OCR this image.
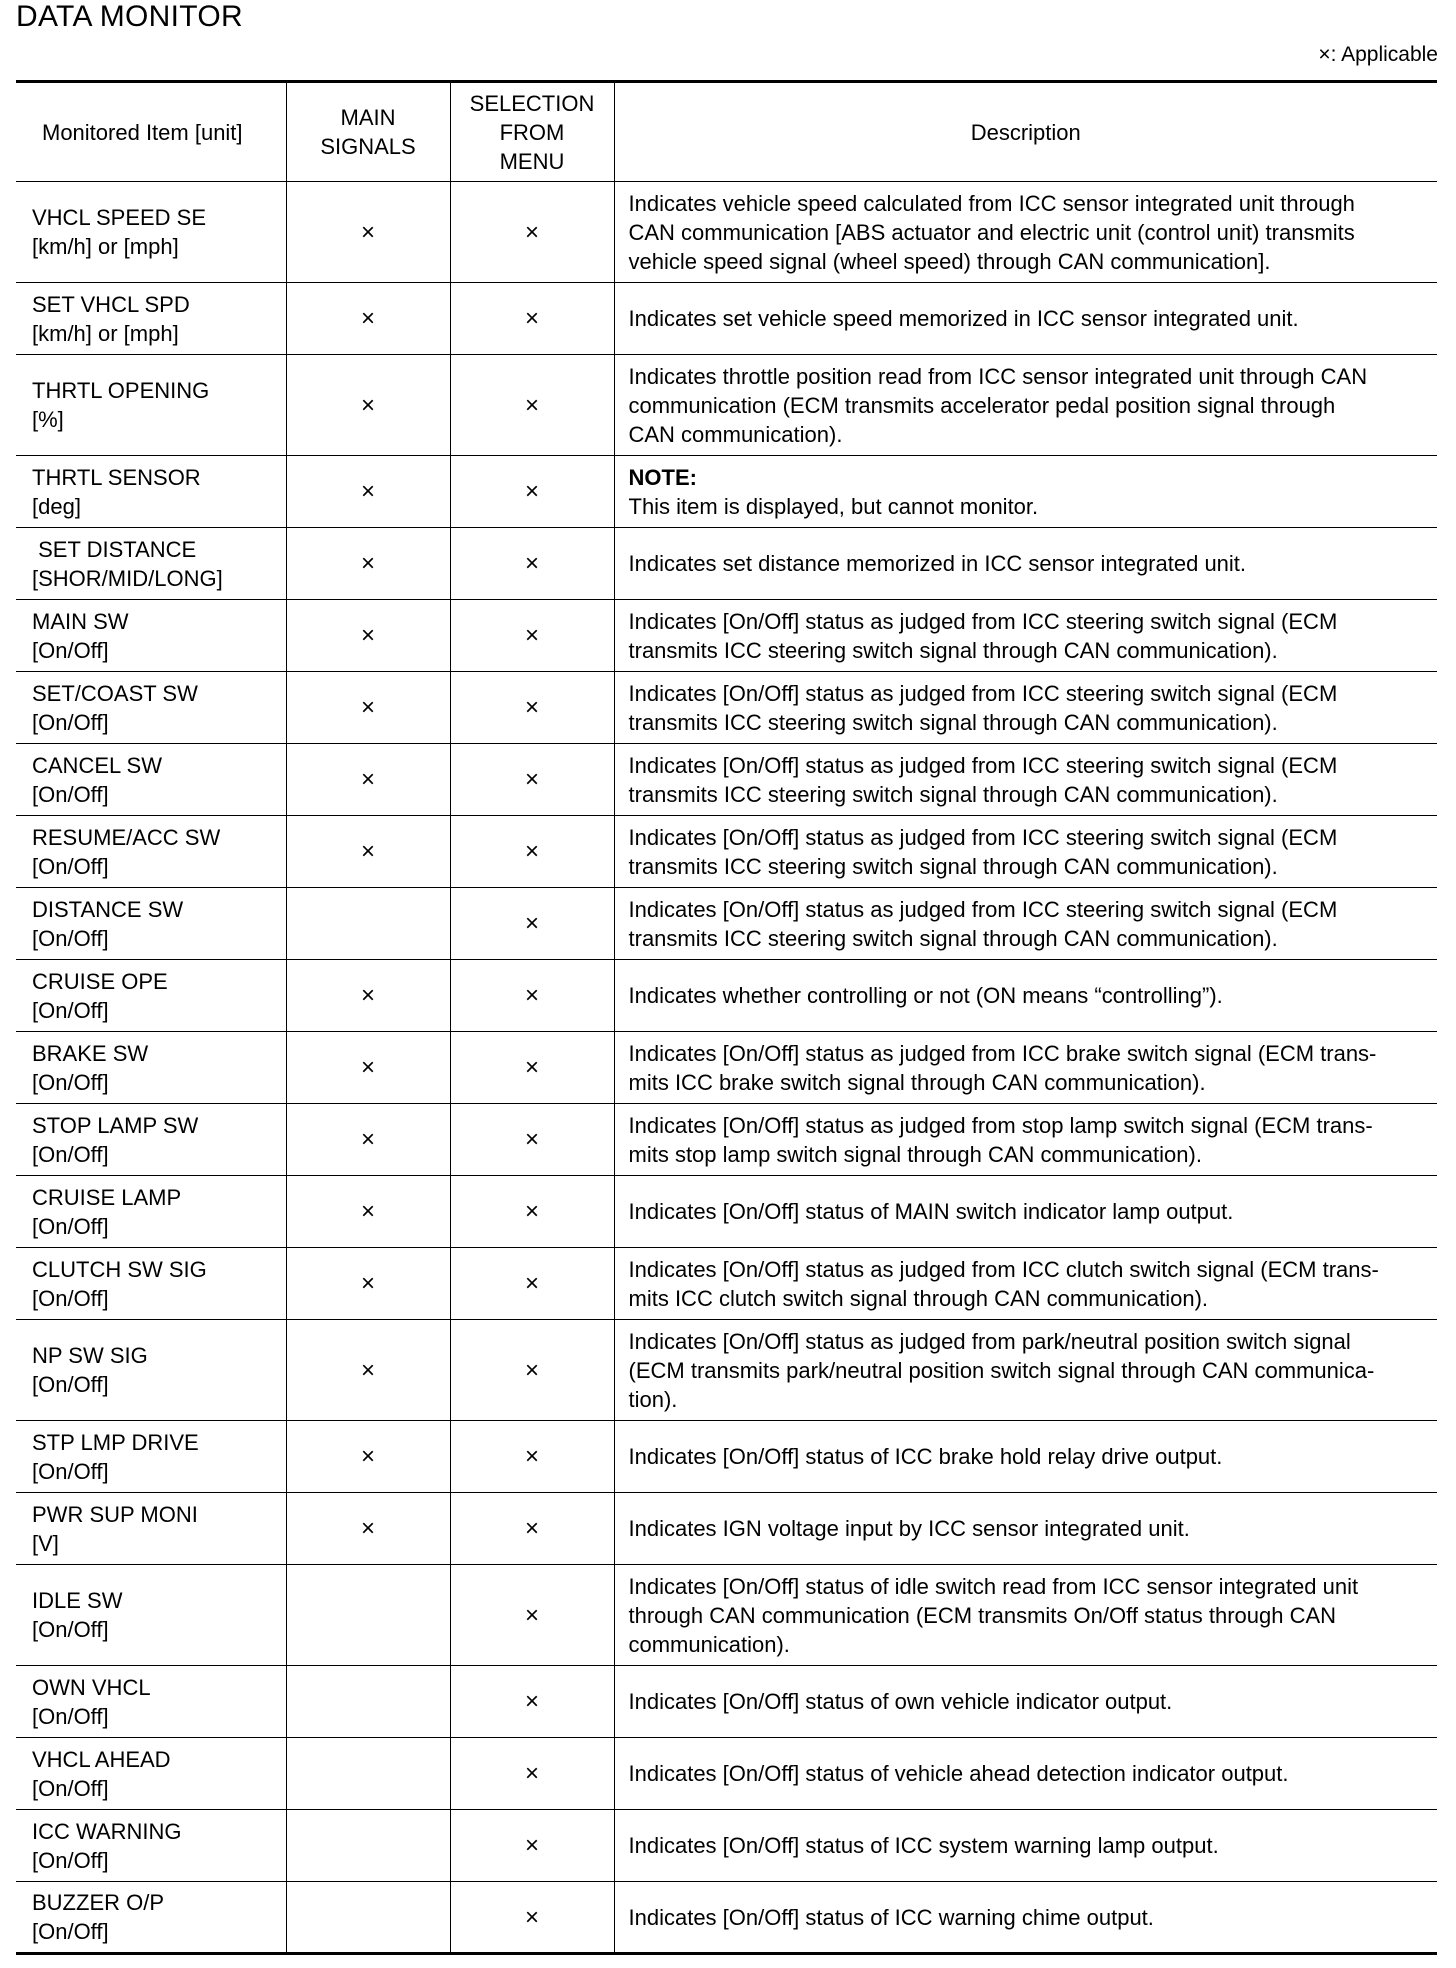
DATA MONITOR
×: Applicable
Monitored Item [unit]	MAIN
SIGNALS	SELECTION
FROM
MENU	Description

VHCL SPEED SE
[km/h] or [mph]	×	×	Indicates vehicle speed calculated from ICC sensor integrated unit through
CAN communication [ABS actuator and electric unit (control unit) transmits
vehicle speed signal (wheel speed) through CAN communication].

SET VHCL SPD
[km/h] or [mph]	×	×	Indicates set vehicle speed memorized in ICC sensor integrated unit.

THRTL OPENING
[%]	×	×	Indicates throttle position read from ICC sensor integrated unit through CAN
communication (ECM transmits accelerator pedal position signal through
CAN communication).

THRTL SENSOR
[deg]	×	×	NOTE:
This item is displayed, but cannot monitor.

SET DISTANCE
[SHOR/MID/LONG]	×	×	Indicates set distance memorized in ICC sensor integrated unit.

MAIN SW
[On/Off]	×	×	Indicates [On/Off] status as judged from ICC steering switch signal (ECM
transmits ICC steering switch signal through CAN communication).

SET/COAST SW
[On/Off]	×	×	Indicates [On/Off] status as judged from ICC steering switch signal (ECM
transmits ICC steering switch signal through CAN communication).

CANCEL SW
[On/Off]	×	×	Indicates [On/Off] status as judged from ICC steering switch signal (ECM
transmits ICC steering switch signal through CAN communication).

RESUME/ACC SW
[On/Off]	×	×	Indicates [On/Off] status as judged from ICC steering switch signal (ECM
transmits ICC steering switch signal through CAN communication).

DISTANCE SW
[On/Off]		×	Indicates [On/Off] status as judged from ICC steering switch signal (ECM
transmits ICC steering switch signal through CAN communication).

CRUISE OPE
[On/Off]	×	×	Indicates whether controlling or not (ON means “controlling”).

BRAKE SW
[On/Off]	×	×	Indicates [On/Off] status as judged from ICC brake switch signal (ECM trans-
mits ICC brake switch signal through CAN communication).

STOP LAMP SW
[On/Off]	×	×	Indicates [On/Off] status as judged from stop lamp switch signal (ECM trans-
mits stop lamp switch signal through CAN communication).

CRUISE LAMP
[On/Off]	×	×	Indicates [On/Off] status of MAIN switch indicator lamp output.

CLUTCH SW SIG
[On/Off]	×	×	Indicates [On/Off] status as judged from ICC clutch switch signal (ECM trans-
mits ICC clutch switch signal through CAN communication).

NP SW SIG
[On/Off]	×	×	Indicates [On/Off] status as judged from park/neutral position switch signal
(ECM transmits park/neutral position switch signal through CAN communica-
tion).

STP LMP DRIVE
[On/Off]	×	×	Indicates [On/Off] status of ICC brake hold relay drive output.

PWR SUP MONI
[V]	×	×	Indicates IGN voltage input by ICC sensor integrated unit.

IDLE SW
[On/Off]		×	Indicates [On/Off] status of idle switch read from ICC sensor integrated unit
through CAN communication (ECM transmits On/Off status through CAN
communication).

OWN VHCL
[On/Off]		×	Indicates [On/Off] status of own vehicle indicator output.

VHCL AHEAD
[On/Off]		×	Indicates [On/Off] status of vehicle ahead detection indicator output.

ICC WARNING
[On/Off]		×	Indicates [On/Off] status of ICC system warning lamp output.

BUZZER O/P
[On/Off]		×	Indicates [On/Off] status of ICC warning chime output.
